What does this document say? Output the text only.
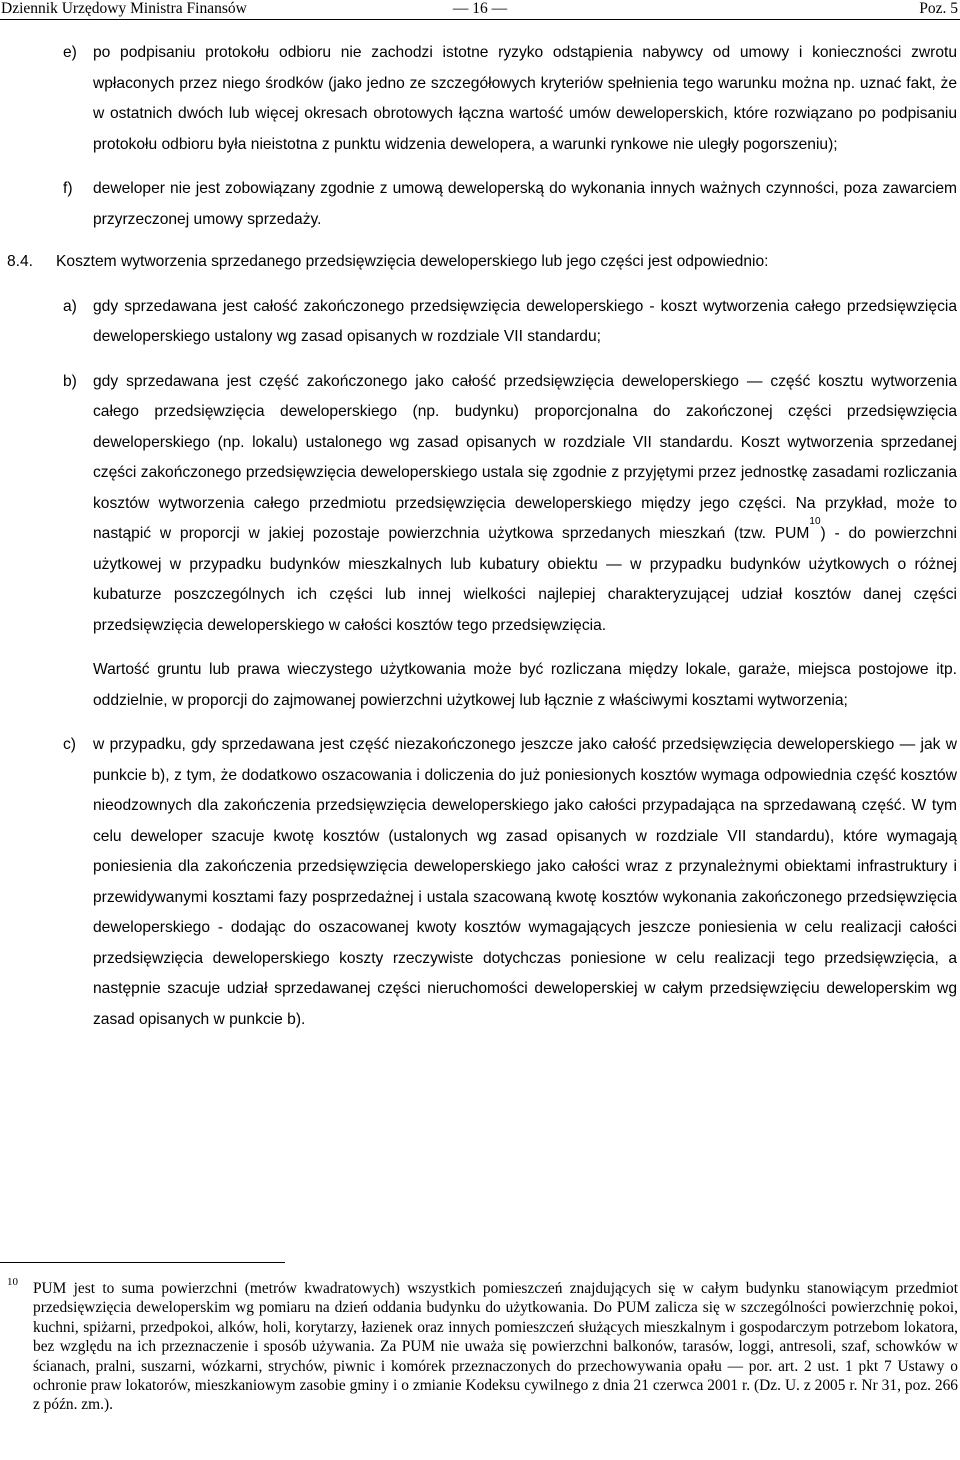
Dziennik Urzędowy Ministra Finansów	— 16 —	Poz. 5
e) po podpisaniu protokołu odbioru nie zachodzi istotne ryzyko odstąpienia nabywcy od umowy i konieczności zwrotu wpłaconych przez niego środków (jako jedno ze szczegółowych kryteriów spełnienia tego warunku można np. uznać fakt, że w ostatnich dwóch lub więcej okresach obrotowych łączna wartość umów deweloperskich, które rozwiązano po podpisaniu protokołu odbioru była nieistotna z punktu widzenia dewelopera, a warunki rynkowe nie uległy pogorszeniu);
f) deweloper nie jest zobowiązany zgodnie z umową deweloperską do wykonania innych ważnych czynności, poza zawarciem przyrzeczonej umowy sprzedaży.
8.4. Kosztem wytworzenia sprzedanego przedsięwzięcia deweloperskiego lub jego części jest odpowiednio:
a) gdy sprzedawana jest całość zakończonego przedsięwzięcia deweloperskiego - koszt wytworzenia całego przedsięwzięcia deweloperskiego ustalony wg zasad opisanych w rozdziale VII standardu;
b) gdy sprzedawana jest część zakończonego jako całość przedsięwzięcia deweloperskiego — część kosztu wytworzenia całego przedsięwzięcia deweloperskiego (np. budynku) proporcjonalna do zakończonej części przedsięwzięcia deweloperskiego (np. lokalu) ustalonego wg zasad opisanych w rozdziale VII standardu. Koszt wytworzenia sprzedanej części zakończonego przedsięwzięcia deweloperskiego ustala się zgodnie z przyjętymi przez jednostkę zasadami rozliczania kosztów wytworzenia całego przedmiotu przedsięwzięcia deweloperskiego między jego części. Na przykład, może to nastąpić w proporcji w jakiej pozostaje powierzchnia użytkowa sprzedanych mieszkań (tzw. PUM$^{10}$) - do powierzchni użytkowej w przypadku budynków mieszkalnych lub kubatury obiektu — w przypadku budynków użytkowych o różnej kubaturze poszczególnych ich części lub innej wielkości najlepiej charakteryzującej udział kosztów danej części przedsięwzięcia deweloperskiego w całości kosztów tego przedsięwzięcia.
Wartość gruntu lub prawa wieczystego użytkowania może być rozliczana między lokale, garaże, miejsca postojowe itp. oddzielnie, w proporcji do zajmowanej powierzchni użytkowej lub łącznie z właściwymi kosztami wytworzenia;
c) w przypadku, gdy sprzedawana jest część niezakończonego jeszcze jako całość przedsięwzięcia deweloperskiego — jak w punkcie b), z tym, że dodatkowo oszacowania i doliczenia do już poniesionych kosztów wymaga odpowiednia część kosztów nieodzownych dla zakończenia przedsięwzięcia deweloperskiego jako całości przypadająca na sprzedawaną część. W tym celu deweloper szacuje kwotę kosztów (ustalonych wg zasad opisanych w rozdziale VII standardu), które wymagają poniesienia dla zakończenia przedsięwzięcia deweloperskiego jako całości wraz z przynależnymi obiektami infrastruktury i przewidywanymi kosztami fazy posprzedażnej i ustala szacowaną kwotę kosztów wykonania zakończonego przedsięwzięcia deweloperskiego - dodając do oszacowanej kwoty kosztów wymagających jeszcze poniesienia w celu realizacji całości przedsięwzięcia deweloperskiego koszty rzeczywiste dotychczas poniesione w celu realizacji tego przedsięwzięcia, a następnie szacuje udział sprzedawanej części nieruchomości deweloperskiej w całym przedsięwzięciu deweloperskim wg zasad opisanych w punkcie b).
10 PUM jest to suma powierzchni (metrów kwadratowych) wszystkich pomieszczeń znajdujących się w całym budynku stanowiącym przedmiot przedsięwzięcia deweloperskim wg pomiaru na dzień oddania budynku do użytkowania. Do PUM zalicza się w szczególności powierzchnię pokoi, kuchni, spiżarni, przedpokoi, alków, holi, korytarzy, łazienek oraz innych pomieszczeń służących mieszkalnym i gospodarczym potrzebom lokatora, bez względu na ich przeznaczenie i sposób używania. Za PUM nie uważa się powierzchni balkonów, tarasów, loggi, antresoli, szaf, schowków w ścianach, pralni, suszarni, wózkarni, strychów, piwnic i komórek przeznaczonych do przechowywania opału — por. art. 2 ust. 1 pkt 7 Ustawy o ochronie praw lokatorów, mieszkaniowym zasobie gminy i o zmianie Kodeksu cywilnego z dnia 21 czerwca 2001 r. (Dz. U. z 2005 r. Nr 31, poz. 266 z późn. zm.).
